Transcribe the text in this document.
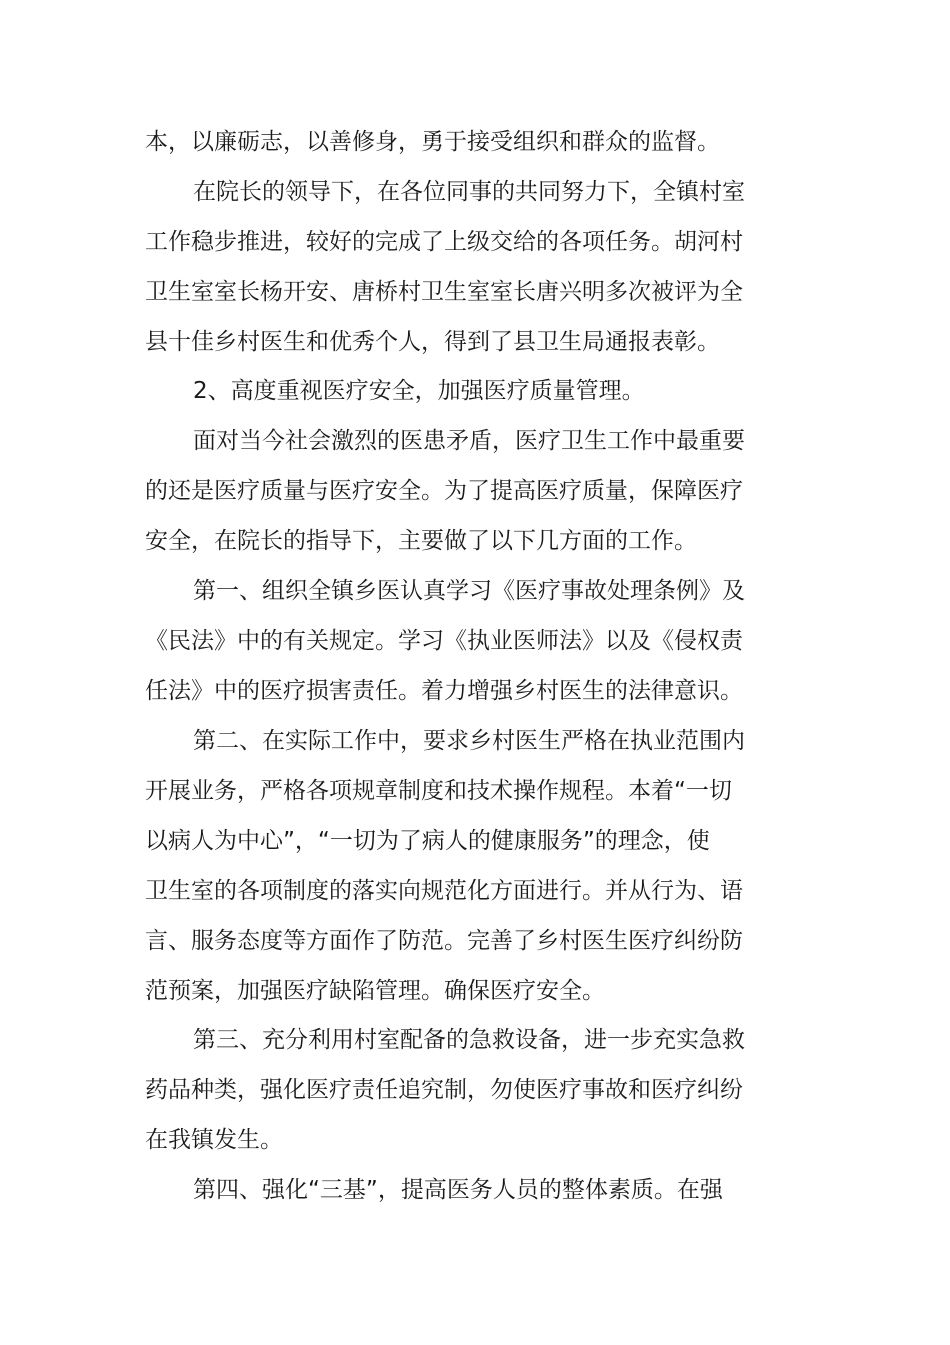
本，以廉砺志，以善修身，勇于接受组织和群众的监督。
在院长的领导下，在各位同事的共同努力下，全镇村室
工作稳步推进，较好的完成了上级交给的各项任务。胡河村
卫生室室长杨开安、唐桥村卫生室室长唐兴明多次被评为全
县十佳乡村医生和优秀个人，得到了县卫生局通报表彰。
2、高度重视医疗安全，加强医疗质量管理。
面对当今社会激烈的医患矛盾，医疗卫生工作中最重要
的还是医疗质量与医疗安全。为了提高医疗质量，保障医疗
安全，在院长的指导下，主要做了以下几方面的工作。
第一、组织全镇乡医认真学习《医疗事故处理条例》及
《民法》中的有关规定。学习《执业医师法》以及《侵权责
任法》中的医疗损害责任。着力增强乡村医生的法律意识。
第二、在实际工作中，要求乡村医生严格在执业范围内
开展业务，严格各项规章制度和技术操作规程。本着“一切
以病人为中心”，“一切为了病人的健康服务”的理念，使
卫生室的各项制度的落实向规范化方面进行。并从行为、语
言、服务态度等方面作了防范。完善了乡村医生医疗纠纷防
范预案，加强医疗缺陷管理。确保医疗安全。
第三、充分利用村室配备的急救设备，进一步充实急救
药品种类，强化医疗责任追究制，勿使医疗事故和医疗纠纷
在我镇发生。
第四、强化“三基”，提高医务人员的整体素质。在强
